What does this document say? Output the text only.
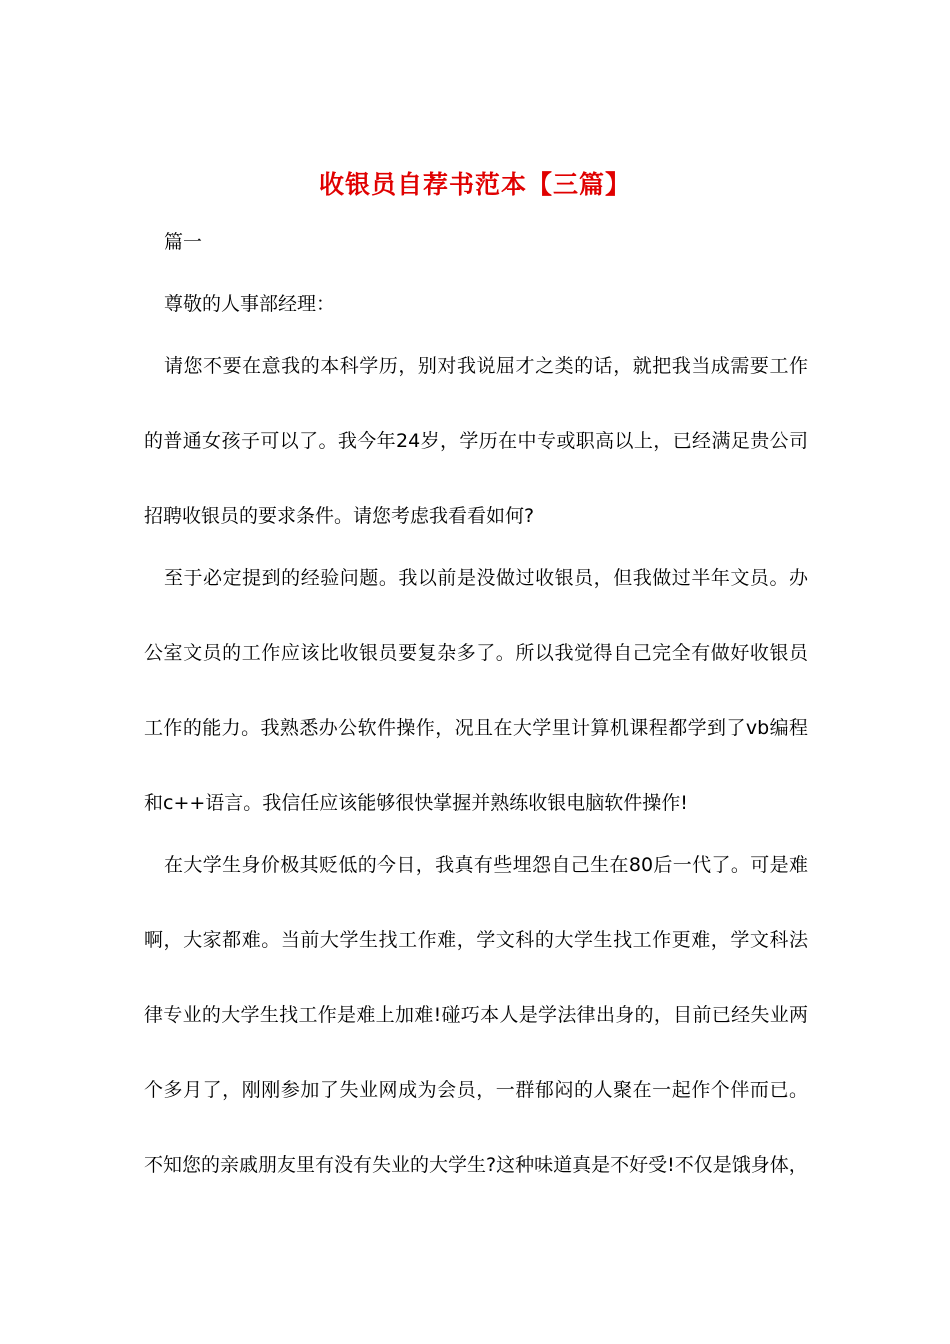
收银员自荐书范本【三篇】

篇一

尊敬的人事部经理：

请您不要在意我的本科学历，别对我说屈才之类的话，就把我当成需要工作的普通女孩子可以了。我今年24岁，学历在中专或职高以上，已经满足贵公司招聘收银员的要求条件。请您考虑我看看如何?

至于必定提到的经验问题。我以前是没做过收银员，但我做过半年文员。办公室文员的工作应该比收银员要复杂多了。所以我觉得自己完全有做好收银员工作的能力。我熟悉办公软件操作，况且在大学里计算机课程都学到了vb编程和c++语言。我信任应该能够很快掌握并熟练收银电脑软件操作!

在大学生身价极其贬低的今日，我真有些埋怨自己生在80后一代了。可是难啊，大家都难。当前大学生找工作难，学文科的大学生找工作更难，学文科法律专业的大学生找工作是难上加难!碰巧本人是学法律出身的，目前已经失业两个多月了，刚刚参加了失业网成为会员，一群郁闷的人聚在一起作个伴而已。不知您的亲戚朋友里有没有失业的大学生?这种味道真是不好受!不仅是饿身体，
